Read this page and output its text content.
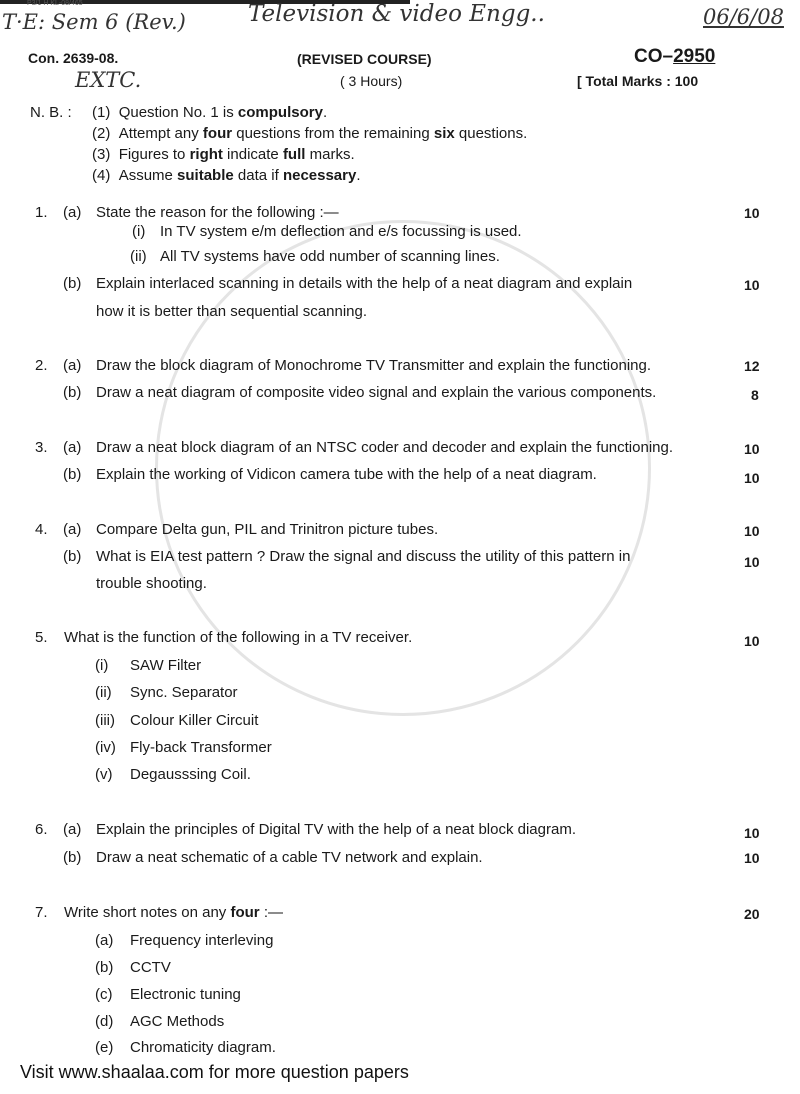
P3/1 H KL-08/465
T·E: Sem 6 (Rev.)	Television & video Engg..	06/6/08
Con. 2639-08.
EXTC.
(REVISED COURSE)
( 3 Hours)
CO–2950
[ Total Marks : 100
N. B. : (1) Question No. 1 is compulsory.
(2) Attempt any four questions from the remaining six questions.
(3) Figures to right indicate full marks.
(4) Assume suitable data if necessary.
1. (a) State the reason for the following :—	10
(i) In TV system e/m deflection and e/s focussing is used.
(ii) All TV systems have odd number of scanning lines.
(b) Explain interlaced scanning in details with the help of a neat diagram and explain	10
how it is better than sequential scanning.
2. (a) Draw the block diagram of Monochrome TV Transmitter and explain the functioning.	12
(b) Draw a neat diagram of composite video signal and explain the various components.	8
3. (a) Draw a neat block diagram of an NTSC coder and decoder and explain the functioning.	10
(b) Explain the working of Vidicon camera tube with the help of a neat diagram.	10
4. (a) Compare Delta gun, PIL and Trinitron picture tubes.	10
(b) What is EIA test pattern ? Draw the signal and discuss the utility of this pattern in	10
trouble shooting.
5. What is the function of the following in a TV receiver.	10
(i) SAW Filter
(ii) Sync. Separator
(iii) Colour Killer Circuit
(iv) Fly-back Transformer
(v) Degausssing Coil.
6. (a) Explain the principles of Digital TV with the help of a neat block diagram.	10
(b) Draw a neat schematic of a cable TV network and explain.	10
7. Write short notes on any four :—	20
(a) Frequency interleving
(b) CCTV
(c) Electronic tuning
(d) AGC Methods
(e) Chromaticity diagram.
Visit www.shaalaa.com for more question papers
